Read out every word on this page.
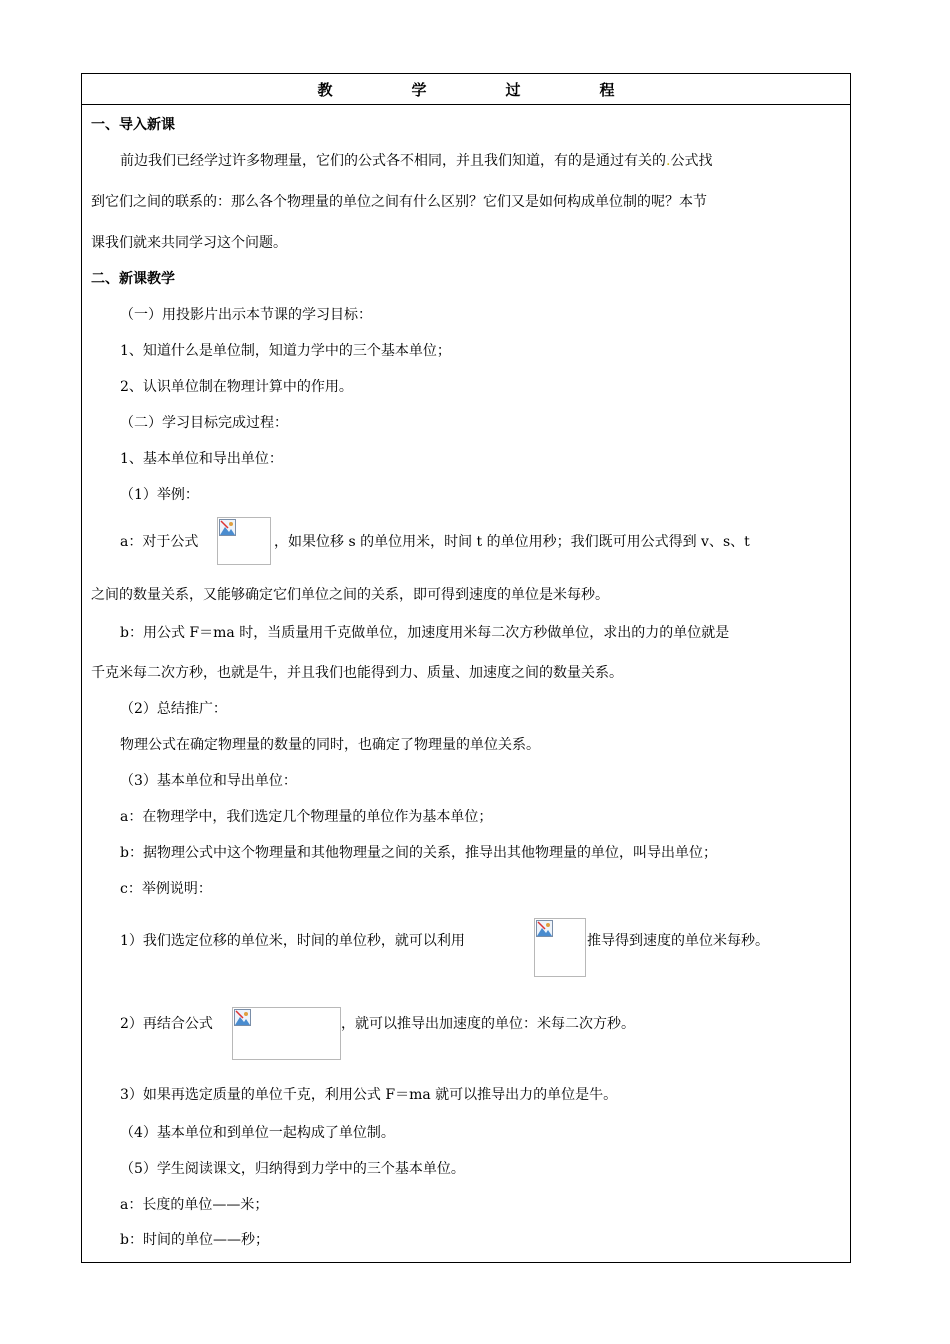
教　学　过　程
一、导入新课
前边我们已经学过许多物理量，它们的公式各不相同，并且我们知道，有的是通过有关的.公式找
到它们之间的联系的：那么各个物理量的单位之间有什么区别？它们又是如何构成单位制的呢？本节
课我们就来共同学习这个问题。
二、新课教学
（一）用投影片出示本节课的学习目标：
1、知道什么是单位制，知道力学中的三个基本单位；
2、认识单位制在物理计算中的作用。
（二）学习目标完成过程：
1、基本单位和导出单位：
（1）举例：
a：对于公式	，如果位移 s 的单位用米，时间 t 的单位用秒；我们既可用公式得到 v、s、t
之间的数量关系，又能够确定它们单位之间的关系，即可得到速度的单位是米每秒。
b：用公式 F＝ma 时，当质量用千克做单位，加速度用米每二次方秒做单位，求出的力的单位就是
千克米每二次方秒，也就是牛，并且我们也能得到力、质量、加速度之间的数量关系。
（2）总结推广：
物理公式在确定物理量的数量的同时，也确定了物理量的单位关系。
（3）基本单位和导出单位：
a：在物理学中，我们选定几个物理量的单位作为基本单位；
b：据物理公式中这个物理量和其他物理量之间的关系，推导出其他物理量的单位，叫导出单位；
c：举例说明：
1）我们选定位移的单位米，时间的单位秒，就可以利用	推导得到速度的单位米每秒。
2）再结合公式	，就可以推导出加速度的单位：米每二次方秒。
3）如果再选定质量的单位千克，利用公式 F＝ma 就可以推导出力的单位是牛。
（4）基本单位和到单位一起构成了单位制。
（5）学生阅读课文，归纳得到力学中的三个基本单位。
a：长度的单位——米；
b：时间的单位——秒；
